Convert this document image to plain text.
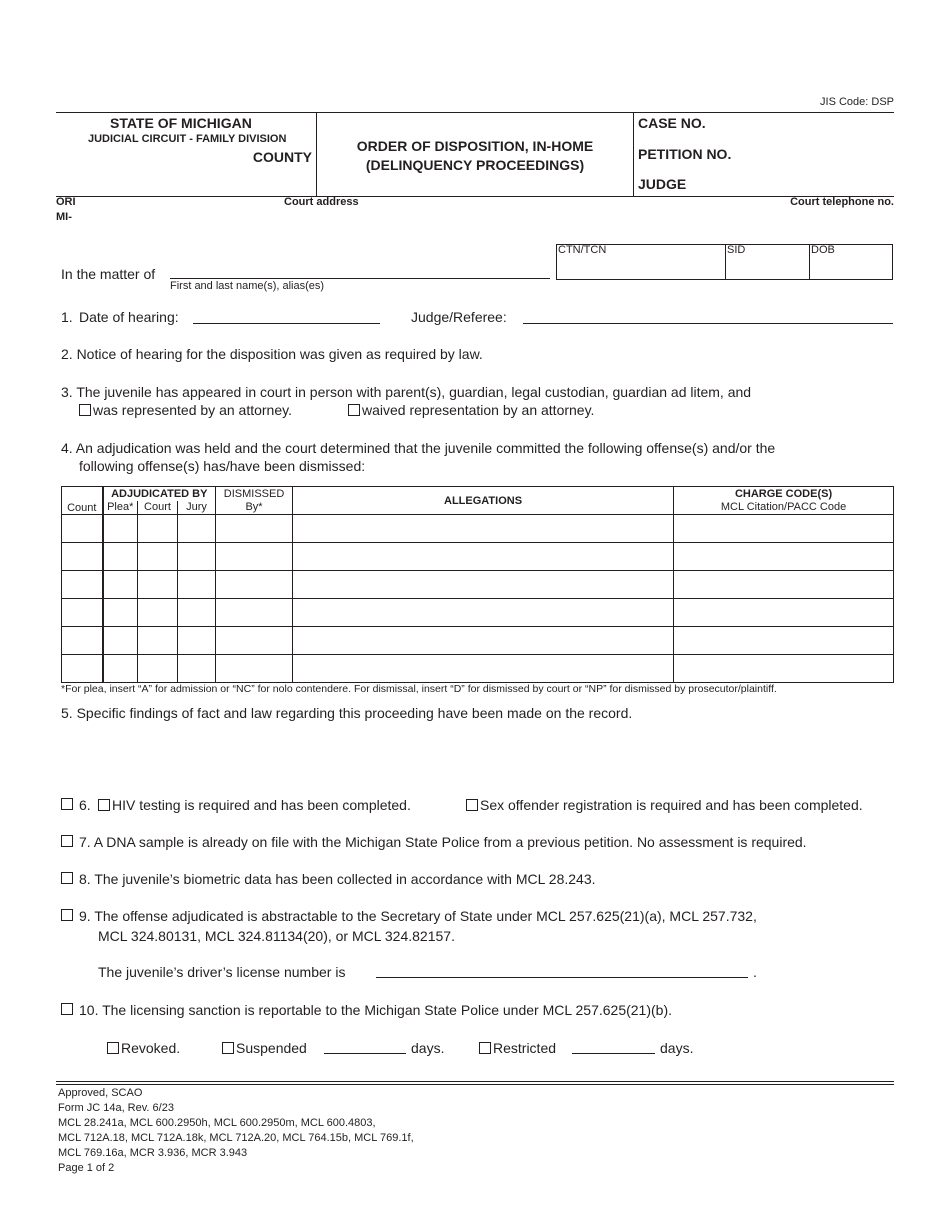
JIS Code: DSP
STATE OF MICHIGAN
JUDICIAL CIRCUIT - FAMILY DIVISION
COUNTY
ORDER OF DISPOSITION, IN-HOME
(DELINQUENCY PROCEEDINGS)
CASE NO.
PETITION NO.
JUDGE
ORI
MI-
Court address	Court telephone no.
In the matter of
First and last name(s), alias(es)
CTN/TCN	SID	DOB
1. Date of hearing:	Judge/Referee:
2. Notice of hearing for the disposition was given as required by law.
3. The juvenile has appeared in court in person with parent(s), guardian, legal custodian, guardian ad litem, and
was represented by an attorney.	waived representation by an attorney.
4. An adjudication was held and the court determined that the juvenile committed the following offense(s) and/or the
following offense(s) has/have been dismissed:
Count	ADJUDICATED BY			DISMISSED	ALLEGATIONS	CHARGE CODE(S)
	Plea*	Court	Jury	By*		MCL Citation/PACC Code

*For plea, insert “A” for admission or “NC” for nolo contendere. For dismissal, insert “D” for dismissed by court or “NP” for dismissed by prosecutor/plaintiff.
5. Specific findings of fact and law regarding this proceeding have been made on the record.
6.	HIV testing is required and has been completed.	Sex offender registration is required and has been completed.
7. A DNA sample is already on file with the Michigan State Police from a previous petition. No assessment is required.
8. The juvenile’s biometric data has been collected in accordance with MCL 28.243.
9. The offense adjudicated is abstractable to the Secretary of State under MCL 257.625(21)(a), MCL 257.732,
MCL 324.80131, MCL 324.81134(20), or MCL 324.82157.
The juvenile’s driver’s license number is	.
10. The licensing sanction is reportable to the Michigan State Police under MCL 257.625(21)(b).
Revoked.	Suspended	days.	Restricted	days.
Approved, SCAO
Form JC 14a, Rev. 6/23
MCL 28.241a, MCL 600.2950h, MCL 600.2950m, MCL 600.4803,
MCL 712A.18, MCL 712A.18k, MCL 712A.20, MCL 764.15b, MCL 769.1f,
MCL 769.16a, MCR 3.936, MCR 3.943
Page 1 of 2
